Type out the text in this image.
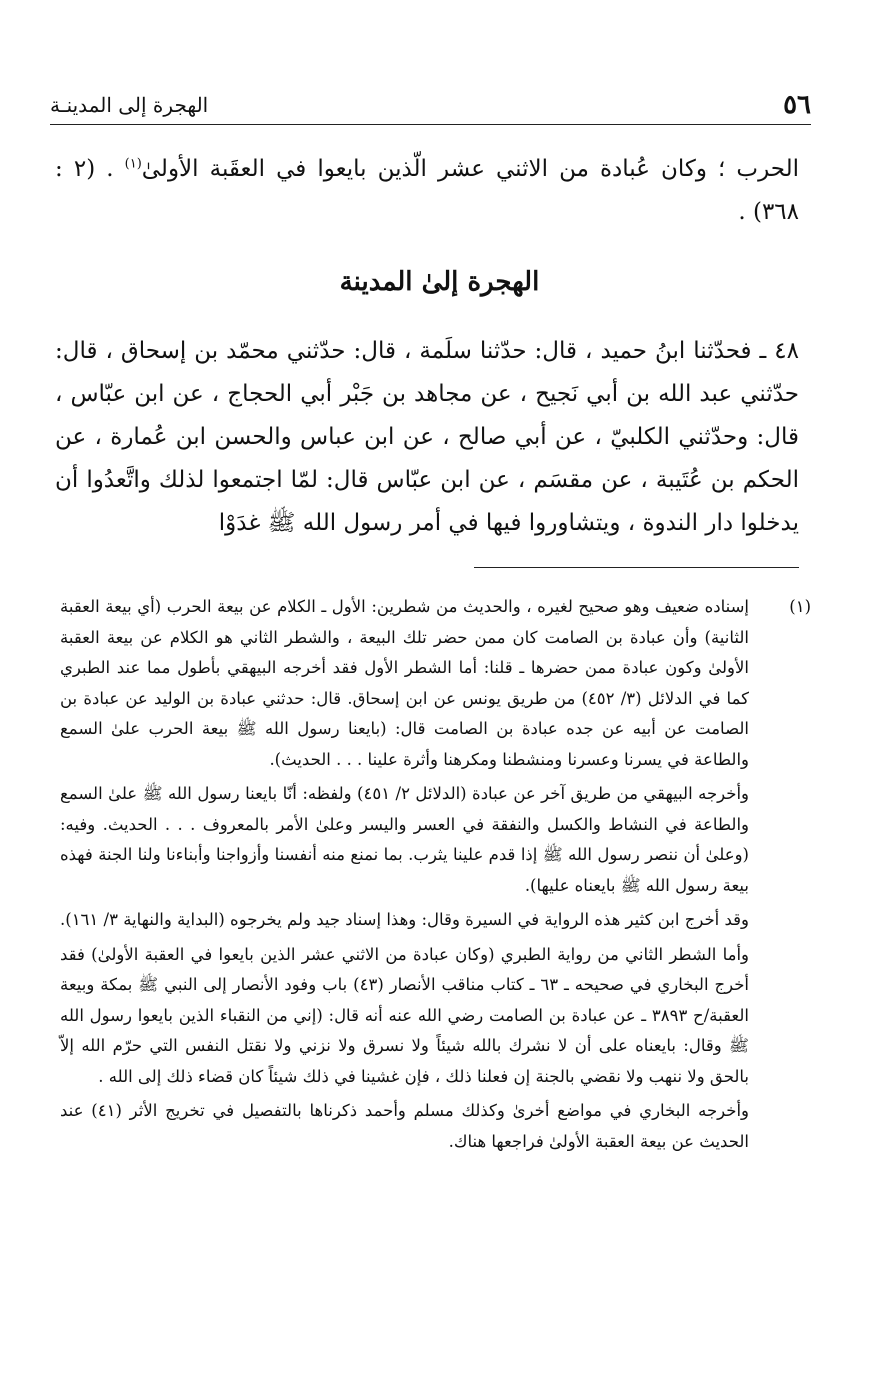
٥٦
الهجرة إلى المدينـة
الحرب ؛ وكان عُبادة من الاثني عشر الّذين بايعوا في العقَبة الأولىٰ$^{(١)}$ . (٢ : ٣٦٨) .
الهجرة إلىٰ المدينة

٤٨ ـ فحدّثنا ابنُ حميد ، قال: حدّثنا سلَمة ، قال: حدّثني محمّد بن إسحاق ، قال: حدّثني عبد الله بن أبي نَجيح ، عن مجاهد بن جَبْر أبي الحجاج ، عن ابن عبّاس ، قال: وحدّثني الكلبيّ ، عن أبي صالح ، عن ابن عباس والحسن ابن عُمارة ، عن الحكم بن عُتَيبة ، عن مقسَم ، عن ابن عبّاس قال: لمّا اجتمعوا لذلك واتَّعدُوا أن يدخلوا دار الندوة ، ويتشاوروا فيها في أمر رسول الله ﷺ غدَوْا

(١)

إسناده ضعيف وهو صحيح لغيره ، والحديث من شطرين: الأول ـ الكلام عن بيعة الحرب (أي بيعة العقبة الثانية) وأن عبادة بن الصامت كان ممن حضر تلك البيعة ، والشطر الثاني هو الكلام عن بيعة العقبة الأولىٰ وكون عبادة ممن حضرها ـ قلنا: أما الشطر الأول فقد أخرجه البيهقي بأطول مما عند الطبري كما في الدلائل (٣/ ٤٥٢) من طريق يونس عن ابن إسحاق. قال: حدثني عبادة بن الوليد عن عبادة بن الصامت عن أبيه عن جده عبادة بن الصامت قال: (بايعنا رسول الله ﷺ بيعة الحرب علىٰ السمع والطاعة في يسرنا وعسرنا ومنشطنا ومكرهنا وأثرة علينا . . . الحديث).

وأخرجه البيهقي من طريق آخر عن عبادة (الدلائل ٢/ ٤٥١) ولفظه: أنّا بايعنا رسول الله ﷺ علىٰ السمع والطاعة في النشاط والكسل والنفقة في العسر واليسر وعلىٰ الأمر بالمعروف . . . الحديث. وفيه: (وعلىٰ أن ننصر رسول الله ﷺ إذا قدم علينا يثرب. بما نمنع منه أنفسنا وأزواجنا وأبناءنا ولنا الجنة فهذه بيعة رسول الله ﷺ بايعناه عليها).

وقد أخرج ابن كثير هذه الرواية في السيرة وقال: وهذا إسناد جيد ولم يخرجوه (البداية والنهاية ٣/ ١٦١).

وأما الشطر الثاني من رواية الطبري (وكان عبادة من الاثني عشر الذين بايعوا في العقبة الأولىٰ) فقد أخرج البخاري في صحيحه ـ ٦٣ ـ كتاب مناقب الأنصار (٤٣) باب وفود الأنصار إلى النبي ﷺ بمكة وبيعة العقبة/ح ٣٨٩٣ ـ عن عبادة بن الصامت رضي الله عنه أنه قال: (إني من النقباء الذين بايعوا رسول الله ﷺ وقال: بايعناه على أن لا نشرك بالله شيئاً ولا نسرق ولا نزني ولا نقتل النفس التي حرّم الله إلاّ بالحق ولا ننهب ولا نقضي بالجنة إن فعلنا ذلك ، فإن غشينا في ذلك شيئاً كان قضاء ذلك إلى الله .

وأخرجه البخاري في مواضع أخرىٰ وكذلك مسلم وأحمد ذكرناها بالتفصيل في تخريج الأثر (٤١) عند الحديث عن بيعة العقبة الأولىٰ فراجعها هناك.
